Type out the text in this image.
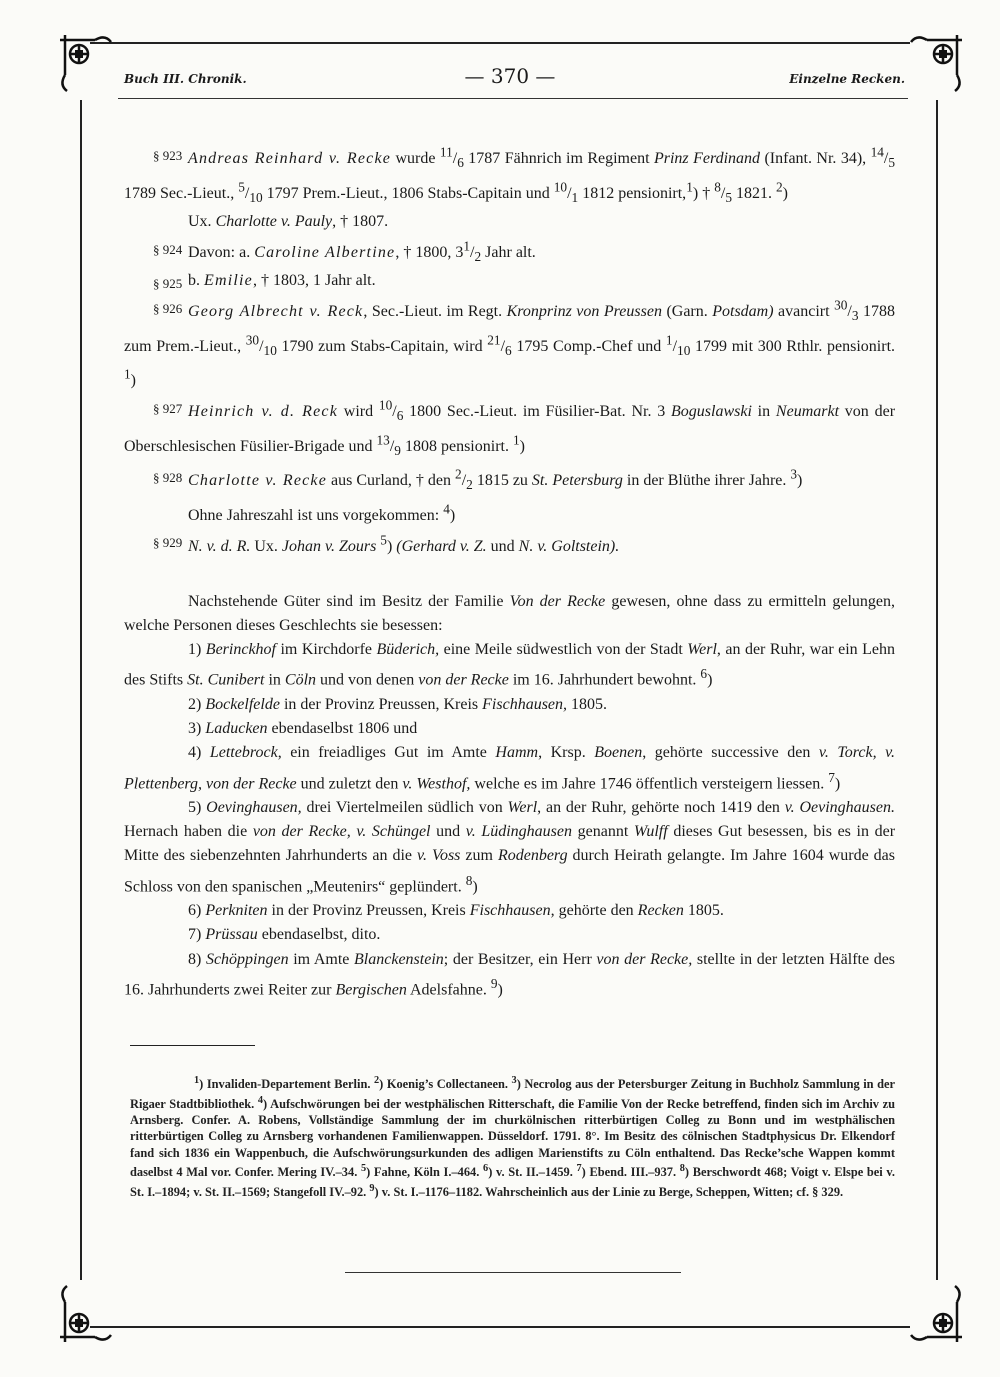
Buch III. Chronik.	— 370 —	Einzelne Recken.

§ 923 Andreas Reinhard v. Recke wurde $^{11}/_6$ 1787 Fähnrich im Regiment Prinz Ferdinand (Infant. Nr. 34), $^{14}/_5$ 1789 Sec.-Lieut., $^5/_{10}$ 1797 Prem.-Lieut., 1806 Stabs-Capitain und $^{10}/_1$ 1812 pensionirt,$^1$) † $^8/_5$ 1821. $^2$)

Ux. Charlotte v. Pauly, † 1807.

§ 924 Davon: a. Caroline Albertine, † 1800, $3^1/_2$ Jahr alt.

§ 925 b. Emilie, † 1803, 1 Jahr alt.

§ 926 Georg Albrecht v. Reck, Sec.-Lieut. im Regt. Kronprinz von Preussen (Garn. Potsdam) avancirt $^{30}/_3$ 1788 zum Prem.-Lieut., $^{30}/_{10}$ 1790 zum Stabs-Capitain, wird $^{21}/_6$ 1795 Comp.-Chef und $^1/_{10}$ 1799 mit 300 Rthlr. pensionirt. $^1$)

§ 927 Heinrich v. d. Reck wird $^{10}/_6$ 1800 Sec.-Lieut. im Füsilier-Bat. Nr. 3 Boguslawski in Neumarkt von der Oberschlesischen Füsilier-Brigade und $^{13}/_9$ 1808 pensionirt. $^1$)

§ 928 Charlotte v. Recke aus Curland, † den $^2/_2$ 1815 zu St. Petersburg in der Blüthe ihrer Jahre. $^3$)

Ohne Jahreszahl ist uns vorgekommen: $^4$)

§ 929 N. v. d. R. Ux. Johan v. Zours $^5$) (Gerhard v. Z. und N. v. Goltstein).

Nachstehende Güter sind im Besitz der Familie Von der Recke gewesen, ohne dass zu ermitteln gelungen, welche Personen dieses Geschlechts sie besessen:

1) Berinckhof im Kirchdorfe Büderich, eine Meile südwestlich von der Stadt Werl, an der Ruhr, war ein Lehn des Stifts St. Cunibert in Cöln und von denen von der Recke im 16. Jahrhundert bewohnt. $^6$)

2) Bockelfelde in der Provinz Preussen, Kreis Fischhausen, 1805.

3) Laducken ebendaselbst 1806 und

4) Lettebrock, ein freiadliges Gut im Amte Hamm, Krsp. Boenen, gehörte successive den v. Torck, v. Plettenberg, von der Recke und zuletzt den v. Westhof, welche es im Jahre 1746 öffentlich versteigern liessen. $^7$)

5) Oevinghausen, drei Viertelmeilen südlich von Werl, an der Ruhr, gehörte noch 1419 den v. Oevinghausen. Hernach haben die von der Recke, v. Schüngel und v. Lüdinghausen genannt Wulff dieses Gut besessen, bis es in der Mitte des siebenzehnten Jahrhunderts an die v. Voss zum Rodenberg durch Heirath gelangte. Im Jahre 1604 wurde das Schloss von den spanischen „Meutenirs“ geplündert. $^8$)

6) Perkniten in der Provinz Preussen, Kreis Fischhausen, gehörte den Recken 1805.

7) Prüssau ebendaselbst, dito.

8) Schöppingen im Amte Blanckenstein; der Besitzer, ein Herr von der Recke, stellte in der letzten Hälfte des 16. Jahrhunderts zwei Reiter zur Bergischen Adelsfahne. $^9$)

$^1$) Invaliden-Departement Berlin. $^2$) Koenig’s Collectaneen. $^3$) Necrolog aus der Petersburger Zeitung in Buchholz Sammlung in der Rigaer Stadtbibliothek. $^4$) Aufschwörungen bei der westphälischen Ritterschaft, die Familie Von der Recke betreffend, finden sich im Archiv zu Arnsberg. Confer. A. Robens, Vollständige Sammlung der im churkölnischen ritterbürtigen Colleg zu Bonn und im westphälischen ritterbürtigen Colleg zu Arnsberg vorhandenen Familienwappen. Düsseldorf. 1791. 8°. Im Besitz des cölnischen Stadtphysicus Dr. Elkendorf fand sich 1836 ein Wappenbuch, die Aufschwörungsurkunden des adligen Marienstifts zu Cöln enthaltend. Das Recke’sche Wappen kommt daselbst 4 Mal vor. Confer. Mering IV.–34. $^5$) Fahne, Köln I.–464. $^6$) v. St. II.–1459. $^7$) Ebend. III.–937. $^8$) Berschwordt 468; Voigt v. Elspe bei v. St. I.–1894; v. St. II.–1569; Stangefoll IV.–92. $^9$) v. St. I.–1176–1182. Wahrscheinlich aus der Linie zu Berge, Scheppen, Witten; cf. § 329.
